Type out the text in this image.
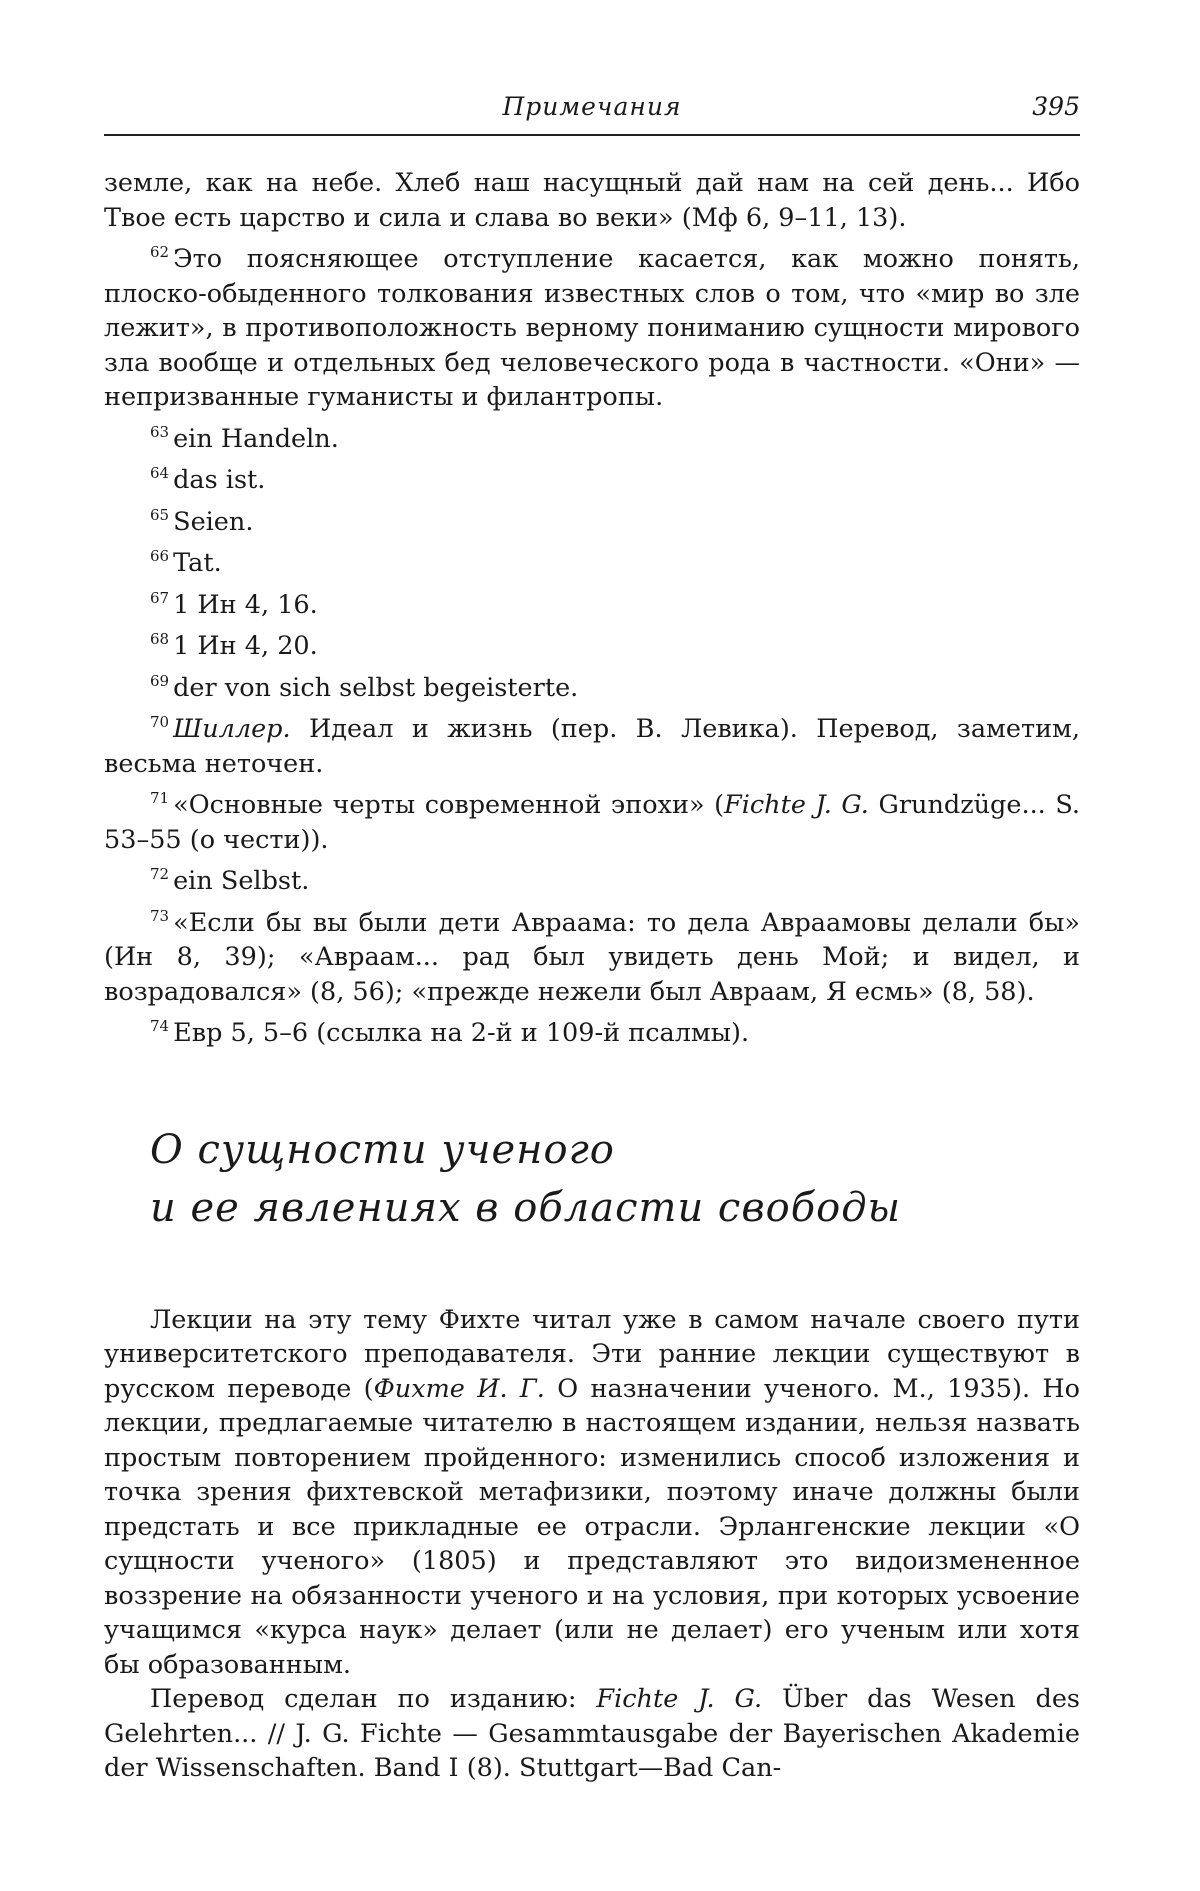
Примечания	395

земле, как на небе. Хлеб наш насущный дай нам на сей день... Ибо Твое есть царство и сила и слава во веки» (Мф 6, 9–11, 13).

$^{62}$ Это поясняющее отступление касается, как можно понять, плоско-обыденного толкования известных слов о том, что «мир во зле лежит», в противоположность верному пониманию сущности мирового зла вообще и отдельных бед человеческого рода в частности. «Они» — непризванные гуманисты и филантропы.

$^{63}$ ein Handeln.

$^{64}$ das ist.

$^{65}$ Seien.

$^{66}$ Tat.

$^{67}$ 1 Ин 4, 16.

$^{68}$ 1 Ин 4, 20.

$^{69}$ der von sich selbst begeisterte.

$^{70}$ Шиллер. Идеал и жизнь (пер. В. Левика). Перевод, заметим, весьма неточен.

$^{71}$ «Основные черты современной эпохи» (Fichte J. G. Grundzüge... S. 53–55 (о чести)).

$^{72}$ ein Selbst.

$^{73}$ «Если бы вы были дети Авраама: то дела Авраамовы делали бы» (Ин 8, 39); «Авраам... рад был увидеть день Мой; и видел, и возрадовался» (8, 56); «прежде нежели был Авраам, Я есмь» (8, 58).

$^{74}$ Евр 5, 5–6 (ссылка на 2-й и 109-й псалмы).

О сущности ученого
и ее явлениях в области свободы

Лекции на эту тему Фихте читал уже в самом начале своего пути университетского преподавателя. Эти ранние лекции существуют в русском переводе (Фихте И. Г. О назначении ученого. М., 1935). Но лекции, предлагаемые читателю в настоящем издании, нельзя назвать простым повторением пройденного: изменились способ изложения и точка зрения фихтевской метафизики, поэтому иначе должны были предстать и все прикладные ее отрасли. Эрлангенские лекции «О сущности ученого» (1805) и представляют это видоизмененное воззрение на обязанности ученого и на условия, при которых усвоение учащимся «курса наук» делает (или не делает) его ученым или хотя бы образованным.

Перевод сделан по изданию: Fichte J. G. Über das Wesen des Gelehrten... // J. G. Fichte — Gesammtausgabe der Bayerischen Akademie der Wissenschaften. Band I (8). Stuttgart—Bad Can-
